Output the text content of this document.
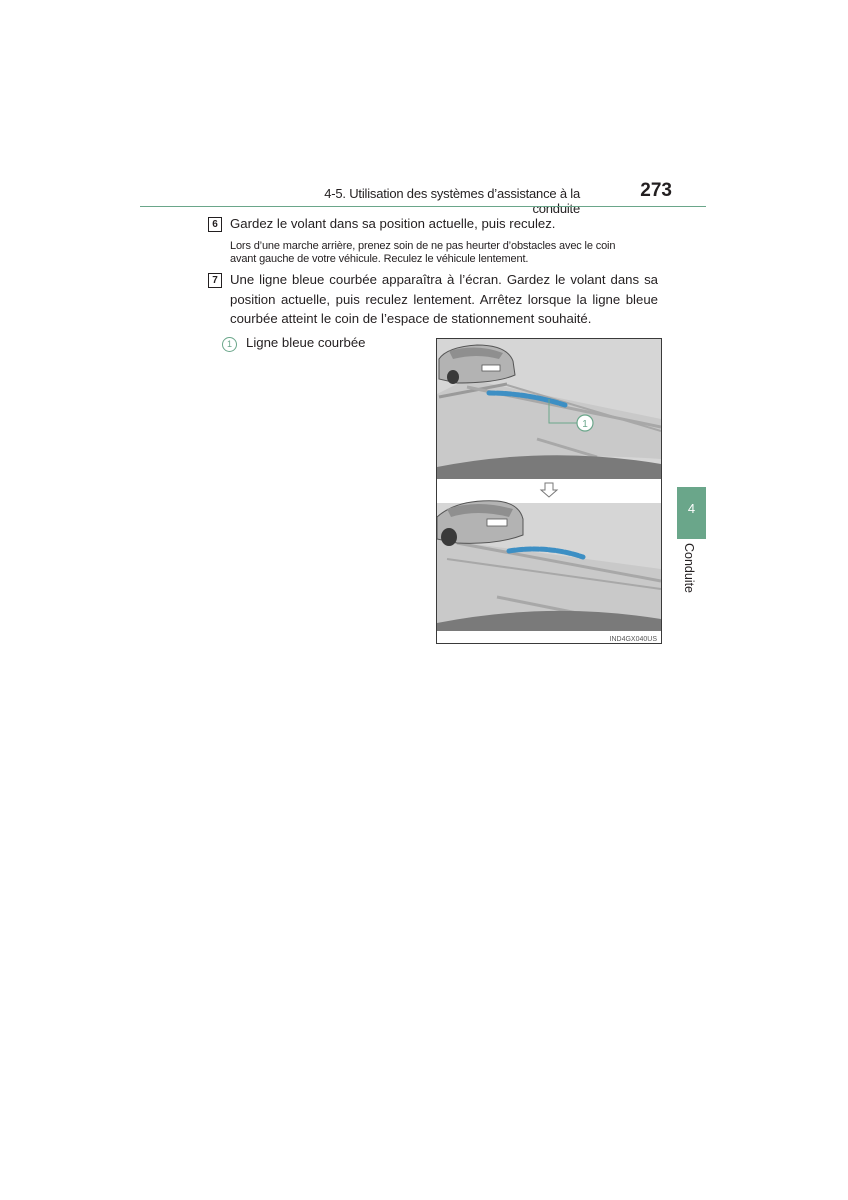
4-5. Utilisation des systèmes d’assistance à la conduite
273
6 Gardez le volant dans sa position actuelle, puis reculez.
Lors d’une marche arrière, prenez soin de ne pas heurter d’obstacles avec le coin
avant gauche de votre véhicule. Reculez le véhicule lentement.
7 Une ligne bleue courbée apparaîtra à l’écran. Gardez le volant dans sa
position actuelle, puis reculez lentement. Arrêtez lorsque la ligne bleue
courbée atteint le coin de l’espace de stationnement souhaité.
1	Ligne bleue courbée
1
IND4GX040US
4
Conduite
